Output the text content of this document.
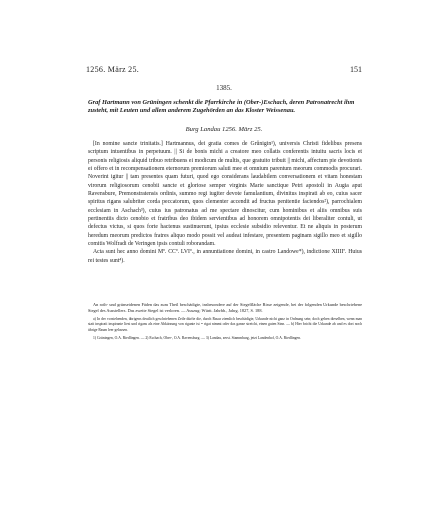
1256. März 25.	151
1385.
Graf Hartmann von Grüningen schenkt die Pfarrkirche in (Ober-)Eschach, deren Patronatrecht ihm zusteht, mit Leuten und allem anderem Zugehörden an das Kloster Weissenau.
Burg Landau 1256. März 25.

[In nomine sancte trinitatis.] Hartmannus, dei gratia comes de Grǔnigin¹), universis Christi fidelibus presens scriptum intuentibus in perpetuum. || Si de bonis michi a creatore meo collatis conferentis intuitu sacris locis et personis religiosis aliquid tribuo retribuens ei modicum de multis, que gratuito tribuit || michi, affectum pie devotionis ei offero et in recompensationem eternorum premiorum saluti mee et omnium parentum meorum commodis procurari. Noverint igitur || tam presentes quam futuri, quod ego considerans laudabilem conversationem et vitam honestam virorum religiosorum cenobii sancte et gloriose semper virginis Marie sanctique Petri apostoli in Augia aput Ravensbure, Premonstratensis ordinis, summo regi iugiter devote famulantium, divinitus inspirati ab eo, cuius sacer spiritus rigans salubriter corda peccatorum, quos clementer accendit ad fructus penitentie faciendos²), parrochialem ecclesiam in Aschach³), cuius ius patronatus ad me spectare dinoscitur, cum hominibus et aliis omnibus suis pertinentiis dicto cenobio et fratribus deo ibidem servientibus ad honorem omnipotentis dei liberaliter contuli, ut defectus victus, si quos forte hactenus sustinuerunt, ipsius ecclesie subsidio releventur. Et ne aliquis in posterum heredum meorum predictos fratres aliquo modo possit vel audeat infestare, presentem paginam sigillo meo et sigillo comitis Wolfradi de Veringen ipsis contuli roborandam.

Acta sunt hec anno domini Mº. CCº. LVIº., in annuntiatione domini, in castro Landowe*), indictione XIIIIª. Huius rei testes sunt⁴).

An roth- und grünseidenen Fäden das zum Theil beschädigte, insbesondere auf der Siegelfläche Risse zeigende, bei der folgenden Urkunde beschriebene Siegel des Ausstellers. Das zweite Siegel ist verloren. — Auszug: Württ. Jahrbb., Jahrg. 1827, S. 188.

a) In der vorstehenden, übrigens deutlich geschriebenen Zeile dürfte die, durch Rasur ziemlich beschädigte, Urkunde nicht ganz in Ordnung sein; doch gehen dieselben, wenn man statt inspirati inspirante liest und rigans als eine Abkürzung von rigante ist = rigat nimmt oder das ganze streicht, einen guten Sinn. — b) Hier bricht die Urkunde ab und es dort noch übrige Raum leer gelassen.

1) Grüningen, O.A. Riedlingen. — 2) Eschach, Ober-, O.A. Ravensburg. — 3) Landau, zerst. Stammburg, jetzt Landenhof, O.A. Riedlingen.
